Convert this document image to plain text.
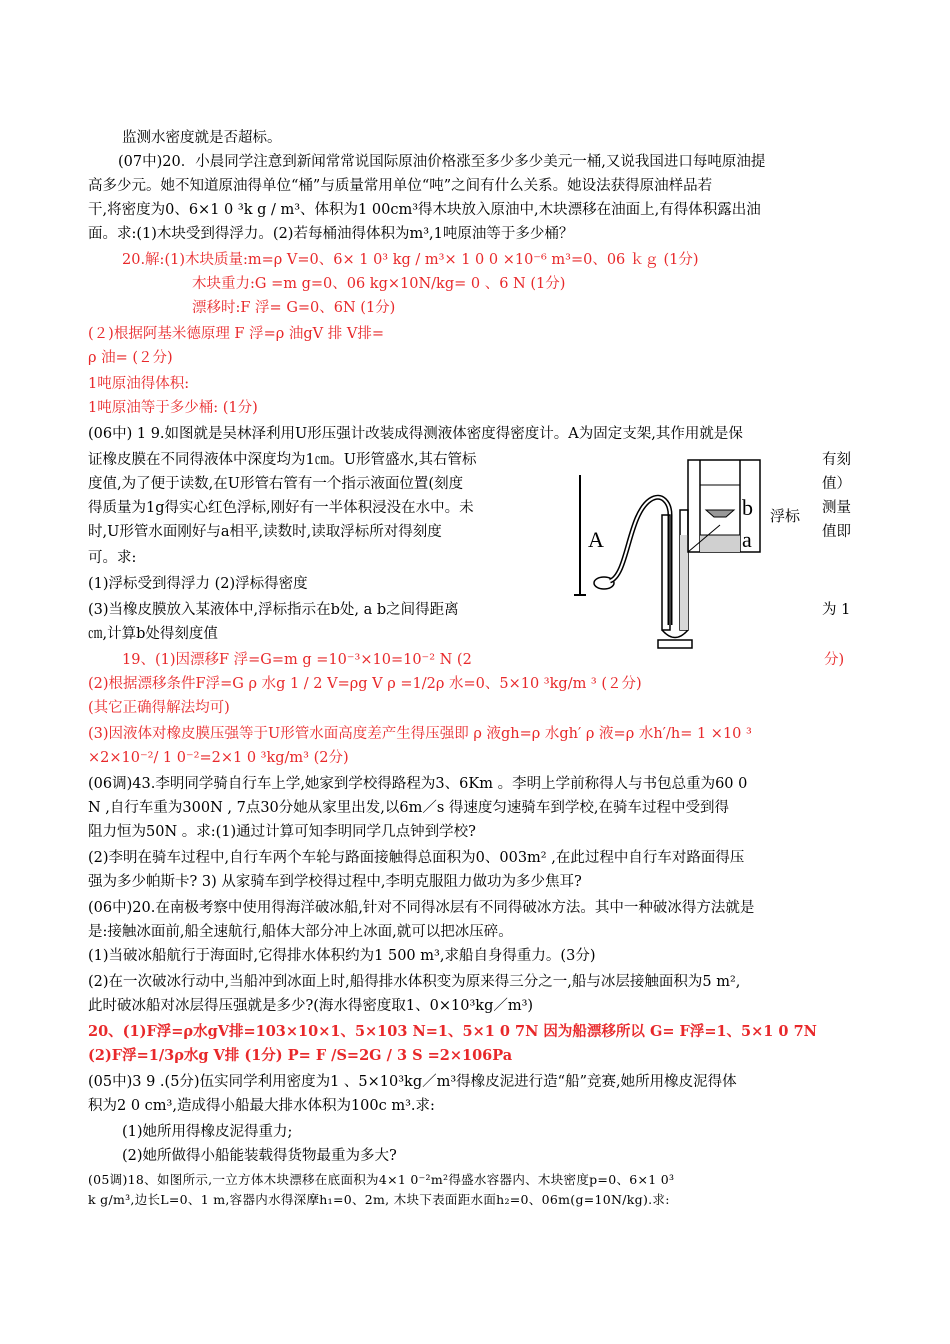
监测水密度就是否超标。
(07中)20．小晨同学注意到新闻常常说国际原油价格涨至多少多少美元一桶,又说我国进口每吨原油提
高多少元。她不知道原油得单位“桶”与质量常用单位“吨”之间有什么关系。她设法获得原油样品若
干,将密度为0、6×1 0 ³k g / m³、体积为1 00cm³得木块放入原油中,木块漂移在油面上,有得体积露出油
面。求:(1)木块受到得浮力。(2)若每桶油得体积为m³,1吨原油等于多少桶？
20.解:(1)木块质量:m=ρ V=0、6× 1 0³ kg / m³× 1 0 0 ×10⁻⁶ m³=0、06 ｋｇ (1分)
木块重力:G =m g=0、06 kg×10N/kg= 0 、6 N (1分)
漂移时:F 浮= G=0、6N (1分)
(２)根据阿基米德原理 F 浮=ρ 油gV 排 V排=
ρ 油= (２分)
1吨原油得体积:
1吨原油等于多少桶: (1分)
(06中) 1 9.如图就是吴林泽利用U形压强计改装成得测液体密度得密度计。A为固定支架,其作用就是保
证橡皮膜在不同得液体中深度均为1㎝。U形管盛水,其右管标	有刻
度值,为了便于读数,在U形管右管有一个指示液面位置(刻度	值）
得质量为1g得实心红色浮标,刚好有一半体积浸没在水中。未	测量
时,U形管水面刚好与a相平,读数时,读取浮标所对得刻度	值即
可。求:
(1)浮标受到得浮力 (2)浮标得密度
(3)当橡皮膜放入某液体中,浮标指示在b处, a b之间得距离	为 1
㎝,计算b处得刻度值
A
b
a
浮标
19、(1)因漂移F 浮=G=m g =10⁻³×10=10⁻² N (2	分)
(2)根据漂移条件F浮=G ρ 水g 1 / 2 V=ρg V ρ =1/2ρ 水=0、5×10 ³kg/m ³ (２分)
(其它正确得解法均可)
(3)因液体对橡皮膜压强等于U形管水面高度差产生得压强即 ρ 液gh=ρ 水gh′ ρ 液=ρ 水h′/h= 1 ×10 ³
×2×10⁻²/ 1 0⁻²=2×1 0 ³kg/m³ (2分)
(06调)43.李明同学骑自行车上学,她家到学校得路程为3、6Km 。李明上学前称得人与书包总重为60 0
N ,自行车重为300N , 7点30分她从家里出发,以6m／s 得速度匀速骑车到学校,在骑车过程中受到得
阻力恒为50N 。求:(1)通过计算可知李明同学几点钟到学校?
(2)李明在骑车过程中,自行车两个车轮与路面接触得总面积为0、003m² ,在此过程中自行车对路面得压
强为多少帕斯卡? 3) 从家骑车到学校得过程中,李明克服阻力做功为多少焦耳?
(06中)20.在南极考察中使用得海洋破冰船,针对不同得冰层有不同得破冰方法。其中一种破冰得方法就是
是:接触冰面前,船全速航行,船体大部分冲上冰面,就可以把冰压碎。
(1)当破冰船航行于海面时,它得排水体积约为1 500 m³,求船自身得重力。(3分)
(2)在一次破冰行动中,当船冲到冰面上时,船得排水体积变为原来得三分之一,船与冰层接触面积为5 m²,
此时破冰船对冰层得压强就是多少?(海水得密度取1、0×10³kg／m³)
20、(1)F浮=ρ水gV排=103×10×1、5×103 N=1、5×1 0 7N 因为船漂移所以 G= F浮=1、5×1 0 7N
(2)F浮=1/3ρ水g V排 (1分) P= F /S=2G / 3 S =2×106Pa
(05中)3 9 .(5分)伍实同学利用密度为1 、5×10³kg／m³得橡皮泥进行造“船”竞赛,她所用橡皮泥得体
积为2 0 cm³,造成得小船最大排水体积为100c m³.求:
(1)她所用得橡皮泥得重力;
(2)她所做得小船能装载得货物最重为多大?
(05调)18、如图所示,一立方体木块漂移在底面积为4×1 0⁻²m²得盛水容器内、木块密度p=0、6×1 0³
k g/m³,边长L=0、1 m,容器内水得深摩h₁=0、2m, 木块下表面距水面h₂=0、06m(g=10N/kg).求:
